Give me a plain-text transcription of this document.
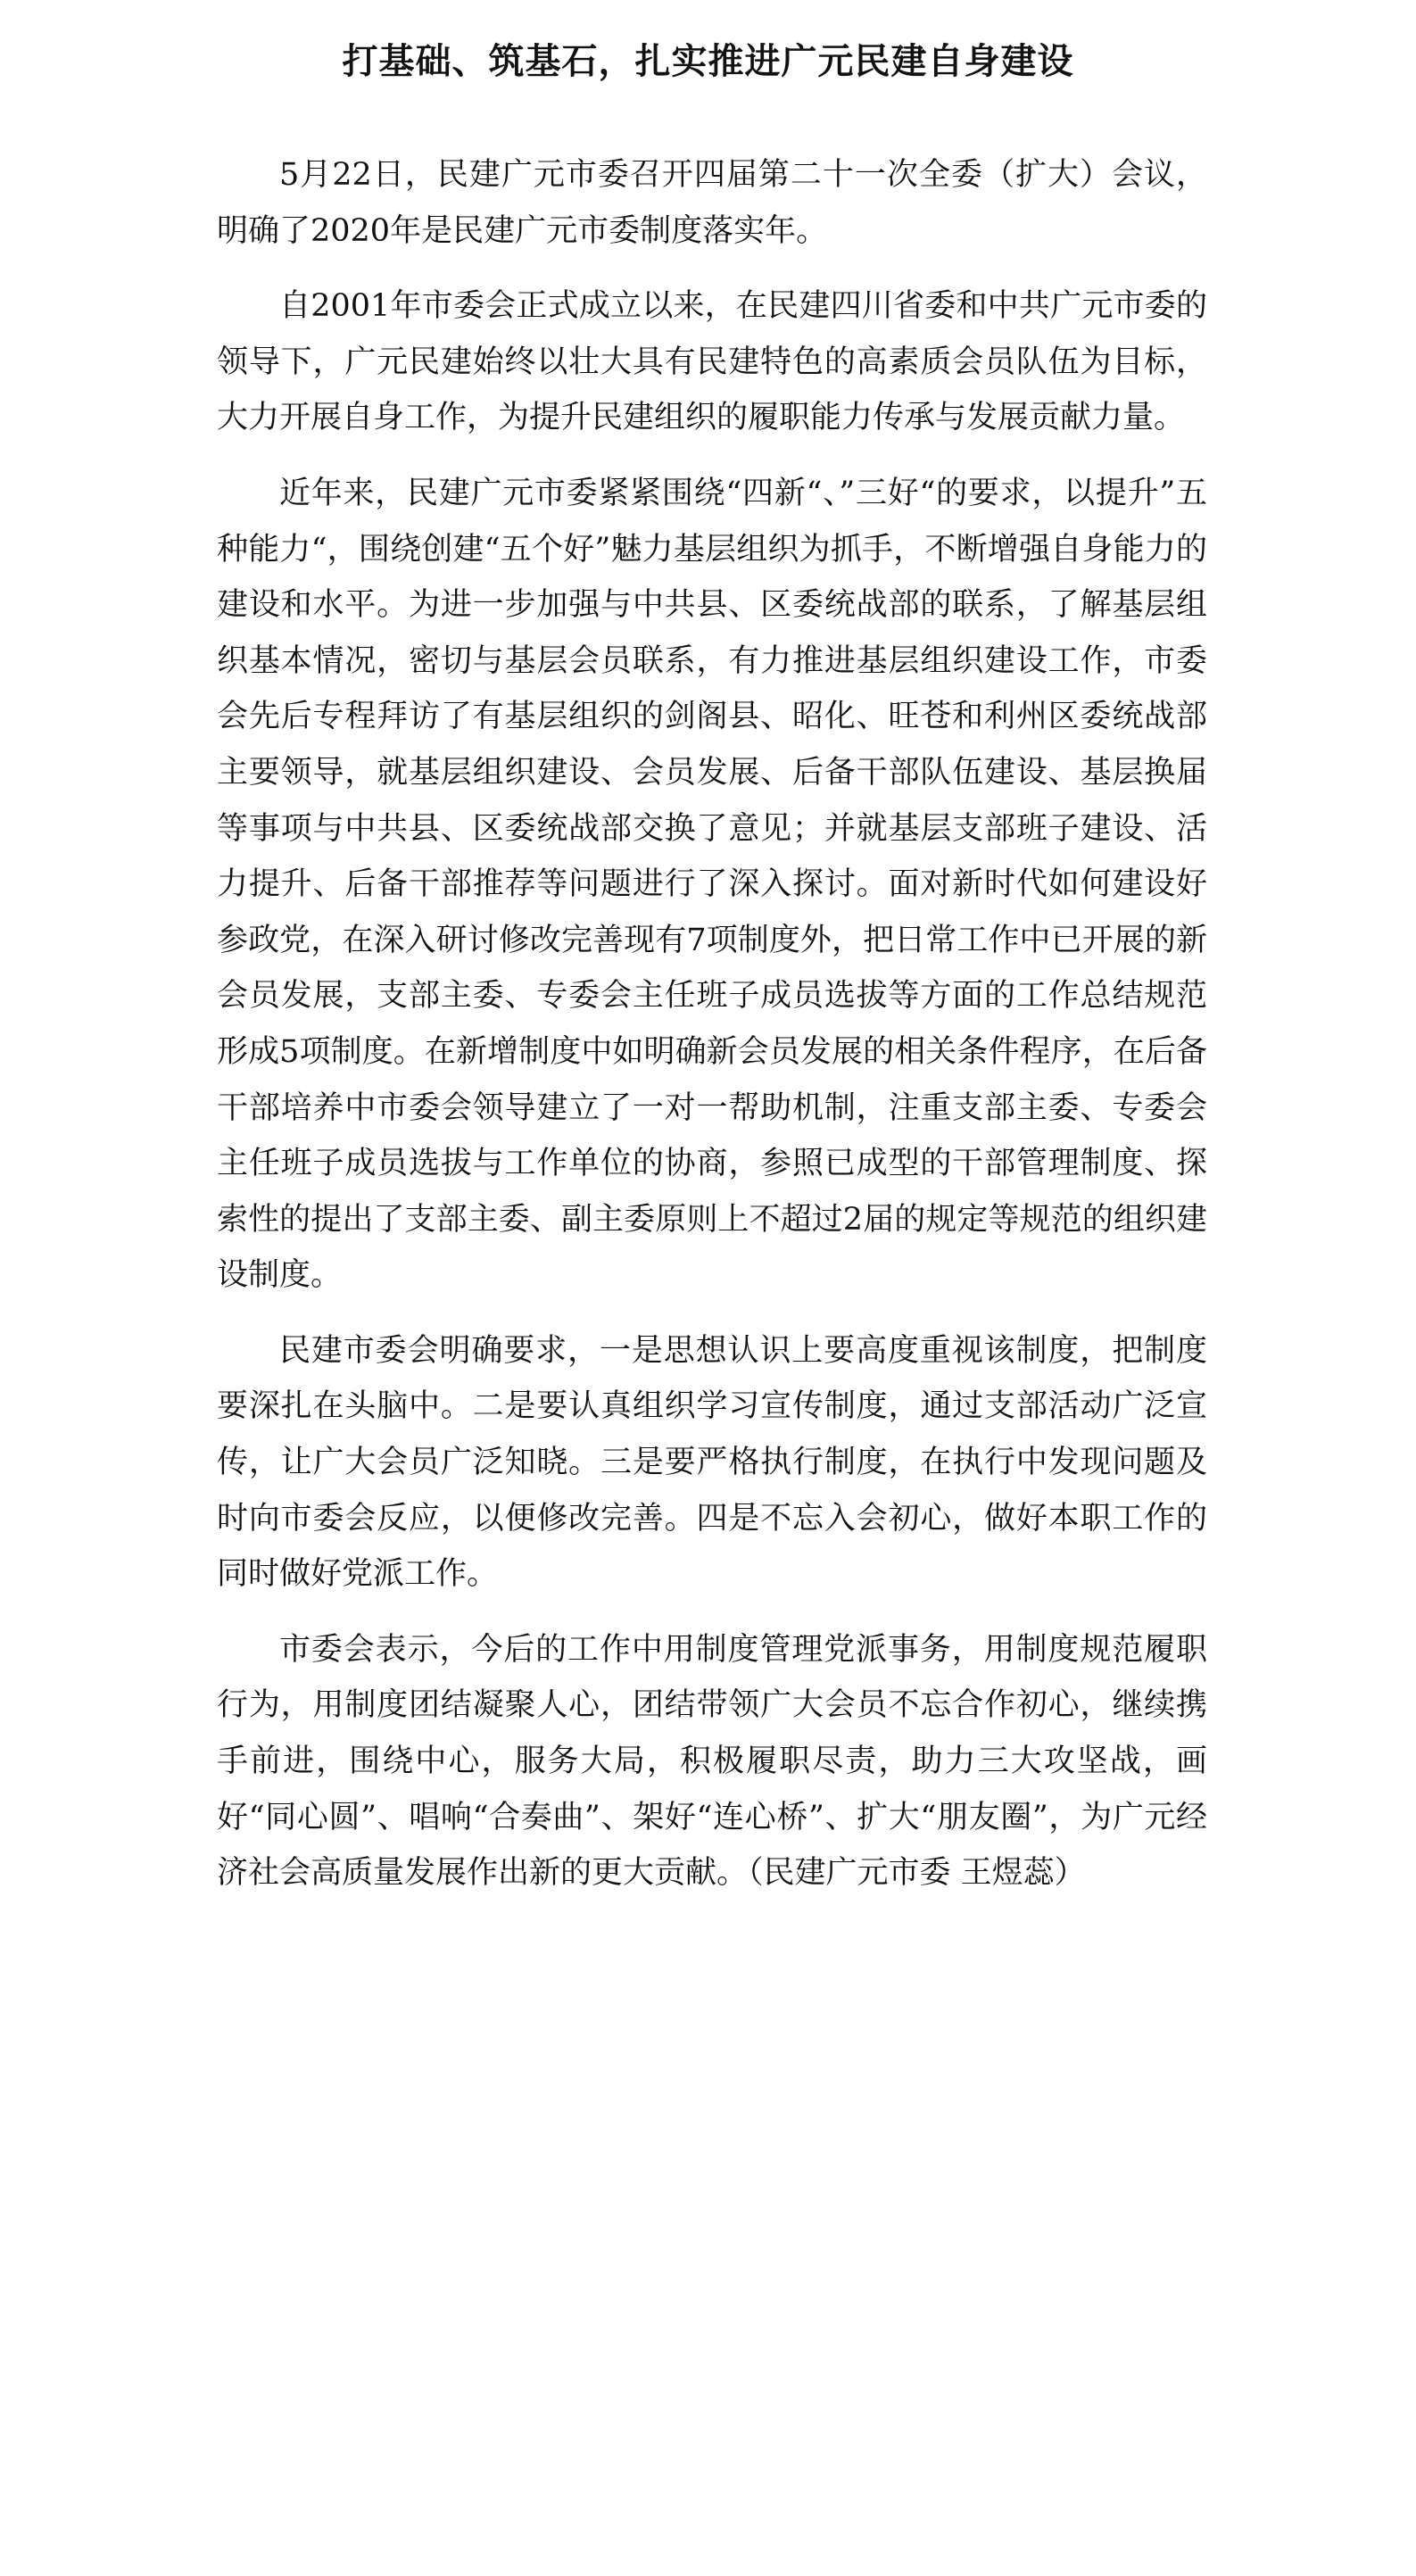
打基础、筑基石，扎实推进广元民建自身建设

5月22日，民建广元市委召开四届第二十一次全委（扩大）会议，明确了2020年是民建广元市委制度落实年。

自2001年市委会正式成立以来，在民建四川省委和中共广元市委的领导下，广元民建始终以壮大具有民建特色的高素质会员队伍为目标，大力开展自身工作，为提升民建组织的履职能力传承与发展贡献力量。

近年来，民建广元市委紧紧围绕“四新“、”三好“的要求，以提升”五种能力“，围绕创建“五个好”魅力基层组织为抓手，不断增强自身能力的建设和水平。为进一步加强与中共县、区委统战部的联系，了解基层组织基本情况，密切与基层会员联系，有力推进基层组织建设工作，市委会先后专程拜访了有基层组织的剑阁县、昭化、旺苍和利州区委统战部主要领导，就基层组织建设、会员发展、后备干部队伍建设、基层换届等事项与中共县、区委统战部交换了意见；并就基层支部班子建设、活力提升、后备干部推荐等问题进行了深入探讨。面对新时代如何建设好参政党，在深入研讨修改完善现有7项制度外，把日常工作中已开展的新会员发展，支部主委、专委会主任班子成员选拔等方面的工作总结规范形成5项制度。在新增制度中如明确新会员发展的相关条件程序，在后备干部培养中市委会领导建立了一对一帮助机制，注重支部主委、专委会主任班子成员选拔与工作单位的协商，参照已成型的干部管理制度、探索性的提出了支部主委、副主委原则上不超过2届的规定等规范的组织建设制度。

民建市委会明确要求，一是思想认识上要高度重视该制度，把制度要深扎在头脑中。二是要认真组织学习宣传制度，通过支部活动广泛宣传，让广大会员广泛知晓。三是要严格执行制度，在执行中发现问题及时向市委会反应，以便修改完善。四是不忘入会初心，做好本职工作的同时做好党派工作。

市委会表示，今后的工作中用制度管理党派事务，用制度规范履职行为，用制度团结凝聚人心，团结带领广大会员不忘合作初心，继续携手前进，围绕中心，服务大局，积极履职尽责，助力三大攻坚战，画好“同心圆”、唱响“合奏曲”、架好“连心桥”、扩大“朋友圈”，为广元经济社会高质量发展作出新的更大贡献。（民建广元市委 王煜蕊）
